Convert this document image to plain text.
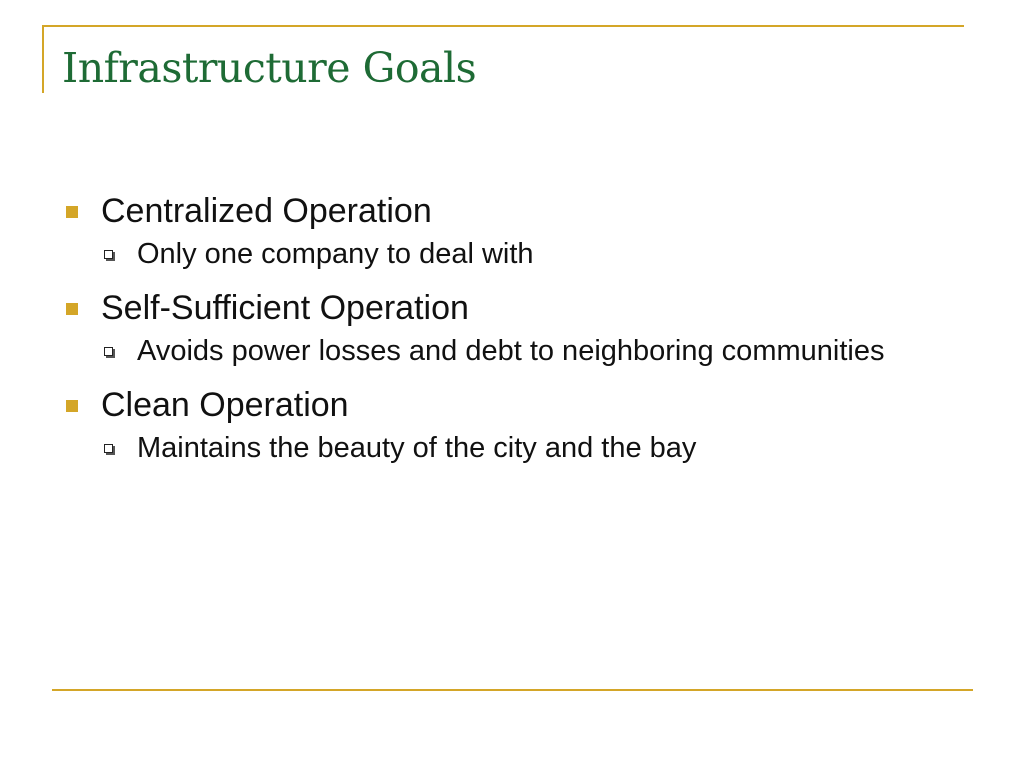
Infrastructure Goals
Centralized Operation
Only one company to deal with
Self-Sufficient Operation
Avoids power losses and debt to neighboring communities
Clean Operation
Maintains the beauty of the city and the bay
